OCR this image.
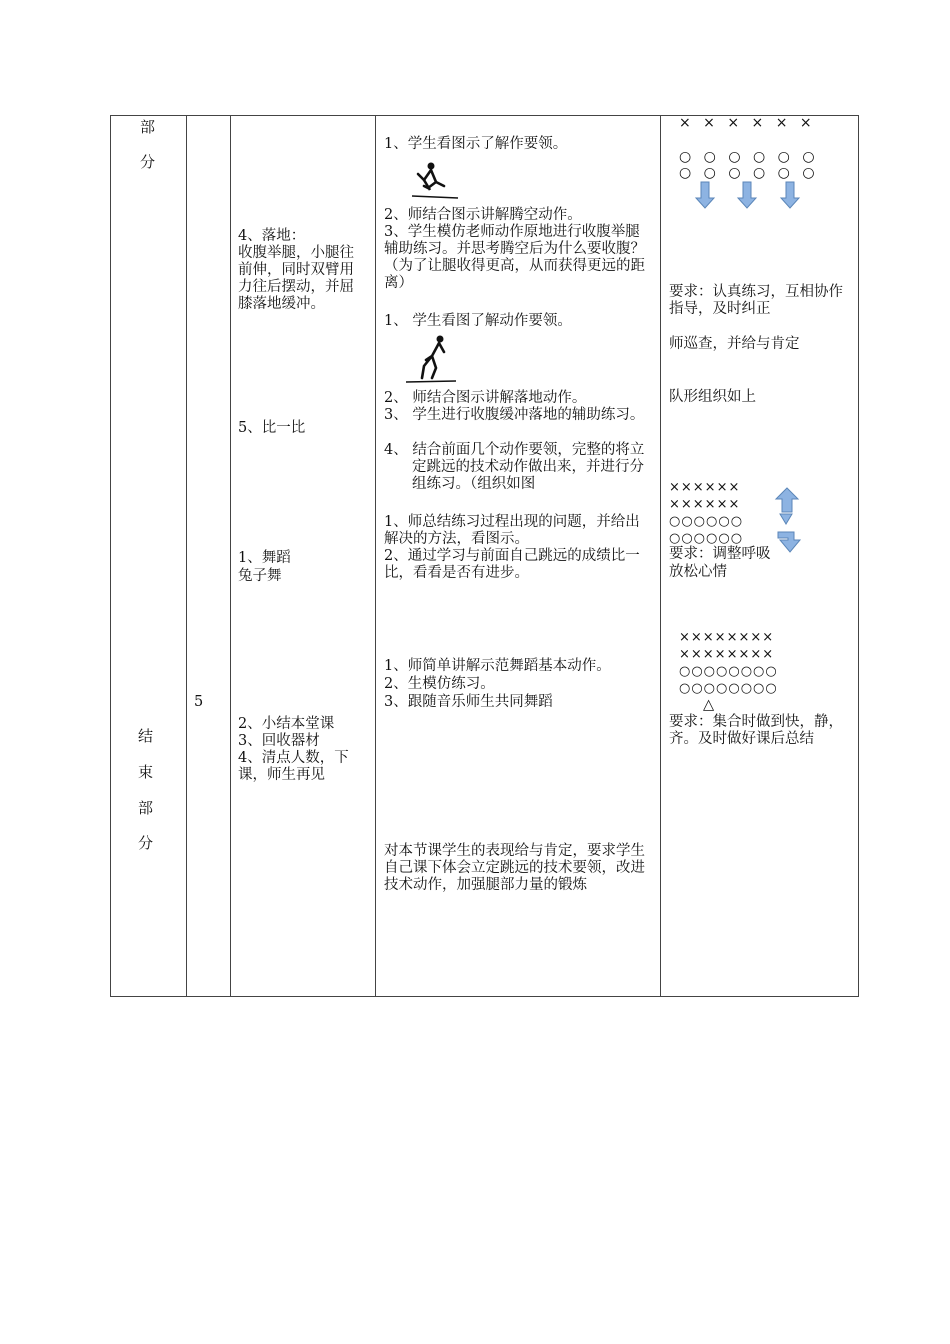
部
分
结
束
部
分
5
4、落地：
收腹举腿，小腿往前伸，同时双臂用力往后摆动，并屈膝落地缓冲。
5、比一比
1、舞蹈
兔子舞
2、小结本堂课
3、回收器材
4、清点人数，下课，师生再见
1、学生看图示了解作要领。
2、师结合图示讲解腾空动作。
3、学生模仿老师动作原地进行收腹举腿辅助练习。并思考腾空后为什么要收腹？（为了让腿收得更高，从而获得更远的距离）
1、 学生看图了解动作要领。
2、 师结合图示讲解落地动作。
3、 学生进行收腹缓冲落地的辅助练习。
4、 结合前面几个动作要领，完整的将立定跳远的技术动作做出来，并进行分组练习。（组织如图
1、师总结练习过程出现的问题，并给出解决的方法，看图示。
2、通过学习与前面自己跳远的成绩比一比，看看是否有进步。
1、师简单讲解示范舞蹈基本动作。
2、生模仿练习。
3、跟随音乐师生共同舞蹈
对本节课学生的表现给与肯定，要求学生自己课下体会立定跳远的技术要领，改进技术动作，加强腿部力量的锻炼
× × × × × ×
○ ○ ○ ○ ○ ○
○ ○ ○ ○ ○ ○
要求：认真练习，互相协作指导，及时纠正
师巡查，并给与肯定
队形组织如上
××××××
××××××
○○○○○○
○○○○○○
要求：调整呼吸
放松心情
××××××××
××××××××
○○○○○○○○
○○○○○○○○
△
要求：集合时做到快，静，齐。及时做好课后总结
